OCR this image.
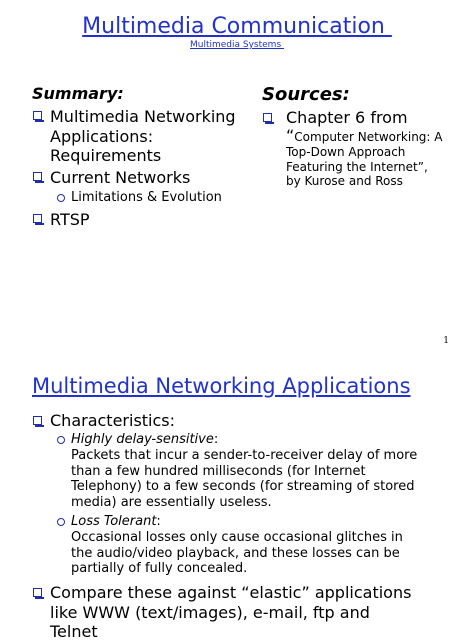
Multimedia Communication
Multimedia Systems
Summary:
Multimedia Networking
Applications:
Requirements
Current Networks
Limitations & Evolution
RTSP
Sources:
Chapter 6 from
“Computer Networking: A
Top-Down Approach
Featuring the Internet”,
by Kurose and Ross
1
Multimedia Networking Applications
Characteristics:
Highly delay-sensitive:
Packets that incur a sender-to-receiver delay of more
than a few hundred milliseconds (for Internet
Telephony) to a few seconds (for streaming of stored
media) are essentially useless.
Loss Tolerant:
Occasional losses only cause occasional glitches in
the audio/video playback, and these losses can be
partially of fully concealed.
Compare these against “elastic” applications
like WWW (text/images), e-mail, ftp and
Telnet
